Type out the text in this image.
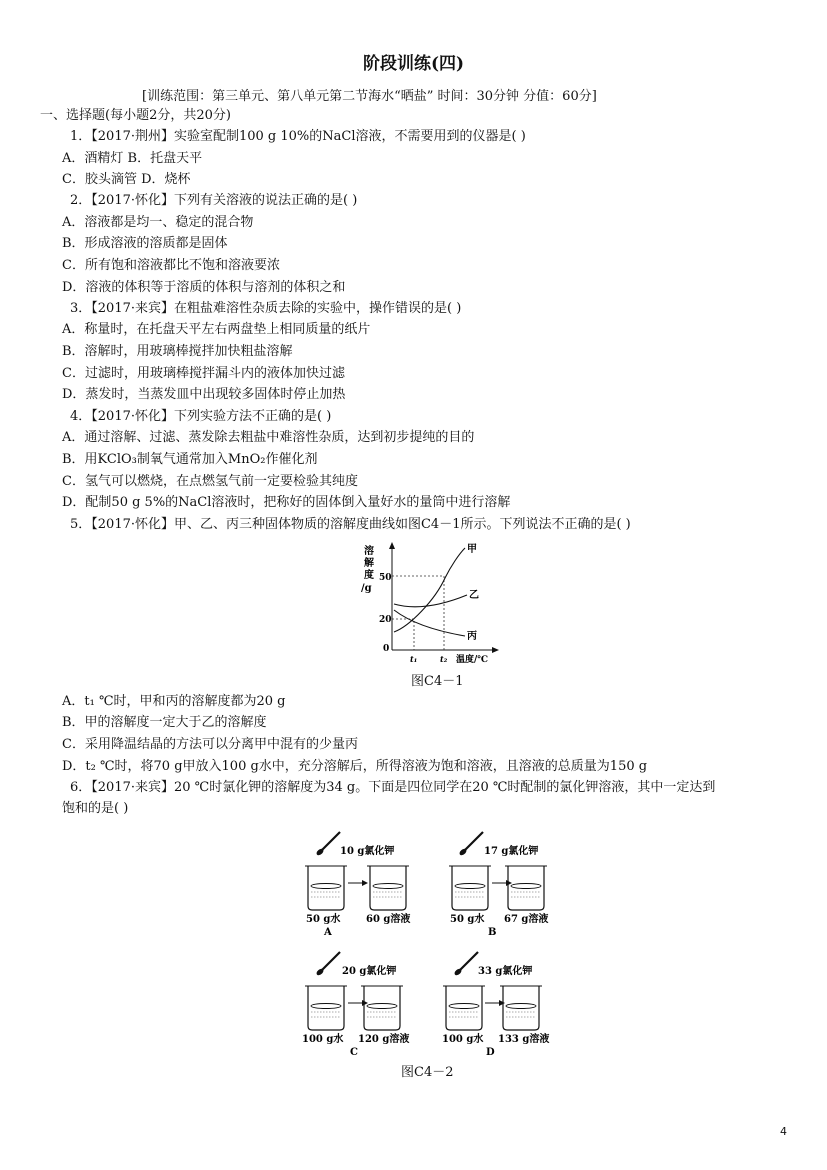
阶段训练(四)
[训练范围：第三单元、第八单元第二节海水“晒盐” 时间：30分钟 分值：60分]
一、选择题(每小题2分，共20分)
1．【2017·荆州】实验室配制100 g 10%的NaCl溶液，不需要用到的仪器是( )
A．酒精灯 B．托盘天平
C．胶头滴管 D．烧杯
2．【2017·怀化】下列有关溶液的说法正确的是( )
A．溶液都是均一、稳定的混合物
B．形成溶液的溶质都是固体
C．所有饱和溶液都比不饱和溶液要浓
D．溶液的体积等于溶质的体积与溶剂的体积之和
3．【2017·来宾】在粗盐难溶性杂质去除的实验中，操作错误的是( )
A．称量时，在托盘天平左右两盘垫上相同质量的纸片
B．溶解时，用玻璃棒搅拌加快粗盐溶解
C．过滤时，用玻璃棒搅拌漏斗内的液体加快过滤
D．蒸发时，当蒸发皿中出现较多固体时停止加热
4．【2017·怀化】下列实验方法不正确的是( )
A．通过溶解、过滤、蒸发除去粗盐中难溶性杂质，达到初步提纯的目的
B．用KClO₃制氧气通常加入MnO₂作催化剂
C．氢气可以燃烧，在点燃氢气前一定要检验其纯度
D．配制50 g 5%的NaCl溶液时，把称好的固体倒入量好水的量筒中进行溶解
5．【2017·怀化】甲、乙、丙三种固体物质的溶解度曲线如图C4－1所示。下列说法不正确的是( )
溶
解
度
/g
50
20
0
t₁	t₂ 温度/℃
甲
乙
丙
图C4－1
A．t₁ ℃时，甲和丙的溶解度都为20 g
B．甲的溶解度一定大于乙的溶解度
C．采用降温结晶的方法可以分离甲中混有的少量丙
D．t₂ ℃时，将70 g甲放入100 g水中，充分溶解后，所得溶液为饱和溶液，且溶液的总质量为150 g
6．【2017·来宾】20 ℃时氯化钾的溶解度为34 g。下面是四位同学在20 ℃时配制的氯化钾溶液，其中一定达到
饱和的是( )
10 g氯化钾
50 g水	60 g溶液
A
17 g氯化钾
50 g水 67 g溶液
B
20 g氯化钾
100 g水 120 g溶液
C
33 g氯化钾
100 g水 133 g溶液
D
图C4－2
4
